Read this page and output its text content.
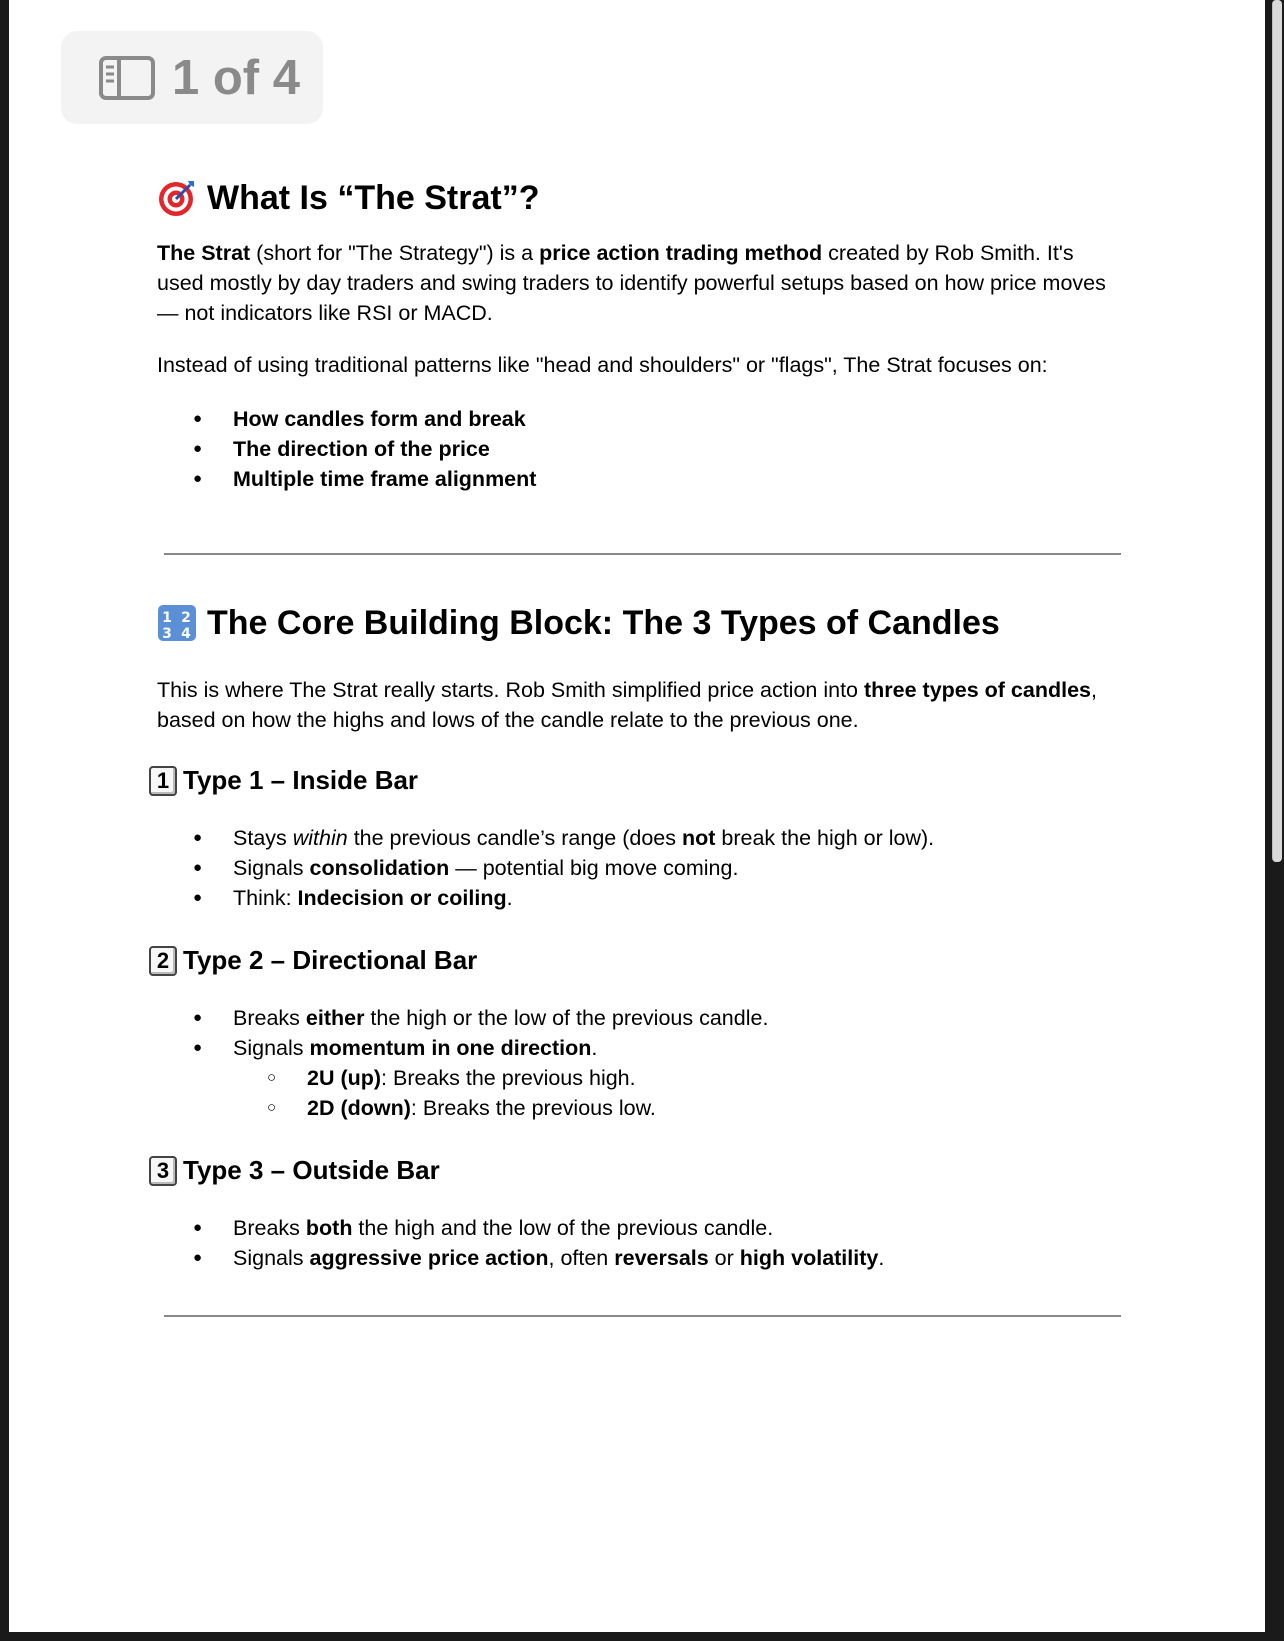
1 of 4
What Is “The Strat”?

The Strat (short for "The Strategy") is a price action trading method created by Rob Smith. It's used mostly by day traders and swing traders to identify powerful setups based on how price moves — not indicators like RSI or MACD.

Instead of using traditional patterns like "head and shoulders" or "flags", The Strat focuses on:

● How candles form and break
● The direction of the price
● Multiple time frame alignment
1 2
3 4 The Core Building Block: The 3 Types of Candles

This is where The Strat really starts. Rob Smith simplified price action into three types of candles, based on how the highs and lows of the candle relate to the previous one.

1 Type 1 – Inside Bar
● Stays within the previous candle’s range (does not break the high or low).
● Signals consolidation — potential big move coming.
● Think: Indecision or coiling.
2 Type 2 – Directional Bar
● Breaks either the high or the low of the previous candle.
● Signals momentum in one direction.
○ 2U (up): Breaks the previous high.
○ 2D (down): Breaks the previous low.
3 Type 3 – Outside Bar
● Breaks both the high and the low of the previous candle.
● Signals aggressive price action, often reversals or high volatility.
